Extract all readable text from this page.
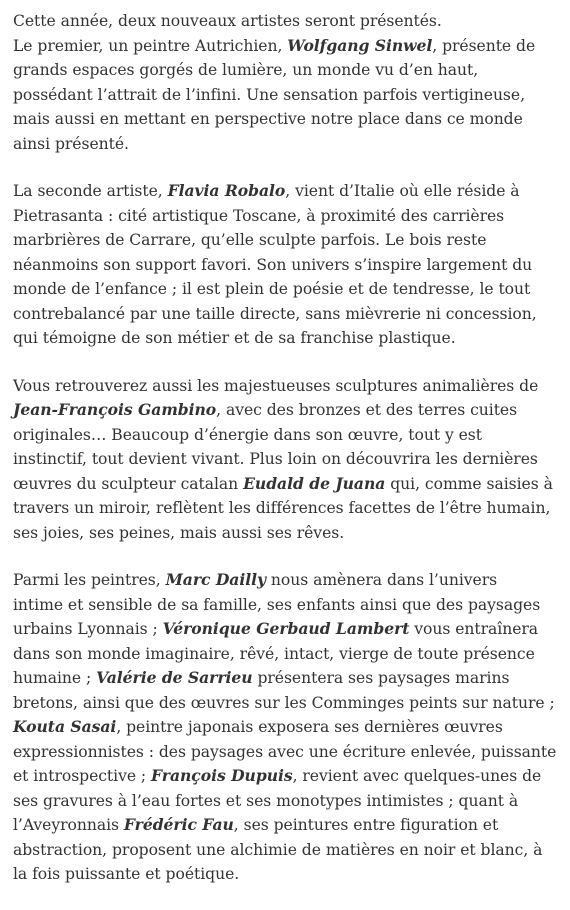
Cette année, deux nouveaux artistes seront présentés.
Le premier, un peintre Autrichien, Wolfgang Sinwel, présente de
grands espaces gorgés de lumière, un monde vu d’en haut,
possédant l’attrait de l’infini. Une sensation parfois vertigineuse,
mais aussi en mettant en perspective notre place dans ce monde
ainsi présenté.

La seconde artiste, Flavia Robalo, vient d’Italie où elle réside à
Pietrasanta : cité artistique Toscane, à proximité des carrières
marbrières de Carrare, qu’elle sculpte parfois. Le bois reste
néanmoins son support favori. Son univers s’inspire largement du
monde de l’enfance ; il est plein de poésie et de tendresse, le tout
contrebalancé par une taille directe, sans mièvrerie ni concession,
qui témoigne de son métier et de sa franchise plastique.

Vous retrouverez aussi les majestueuses sculptures animalières de
Jean-François Gambino, avec des bronzes et des terres cuites
originales… Beaucoup d’énergie dans son œuvre, tout y est
instinctif, tout devient vivant. Plus loin on découvrira les dernières
œuvres du sculpteur catalan Eudald de Juana qui, comme saisies à
travers un miroir, reflètent les différences facettes de l’être humain,
ses joies, ses peines, mais aussi ses rêves.

Parmi les peintres, Marc Dailly nous amènera dans l’univers
intime et sensible de sa famille, ses enfants ainsi que des paysages
urbains Lyonnais ; Véronique Gerbaud Lambert vous entraînera
dans son monde imaginaire, rêvé, intact, vierge de toute présence
humaine ; Valérie de Sarrieu présentera ses paysages marins
bretons, ainsi que des œuvres sur les Comminges peints sur nature ;
Kouta Sasai, peintre japonais exposera ses dernières œuvres
expressionnistes : des paysages avec une écriture enlevée, puissante
et introspective ; François Dupuis, revient avec quelques-unes de
ses gravures à l’eau fortes et ses monotypes intimistes ; quant à
l’Aveyronnais Frédéric Fau, ses peintures entre figuration et
abstraction, proposent une alchimie de matières en noir et blanc, à
la fois puissante et poétique.
